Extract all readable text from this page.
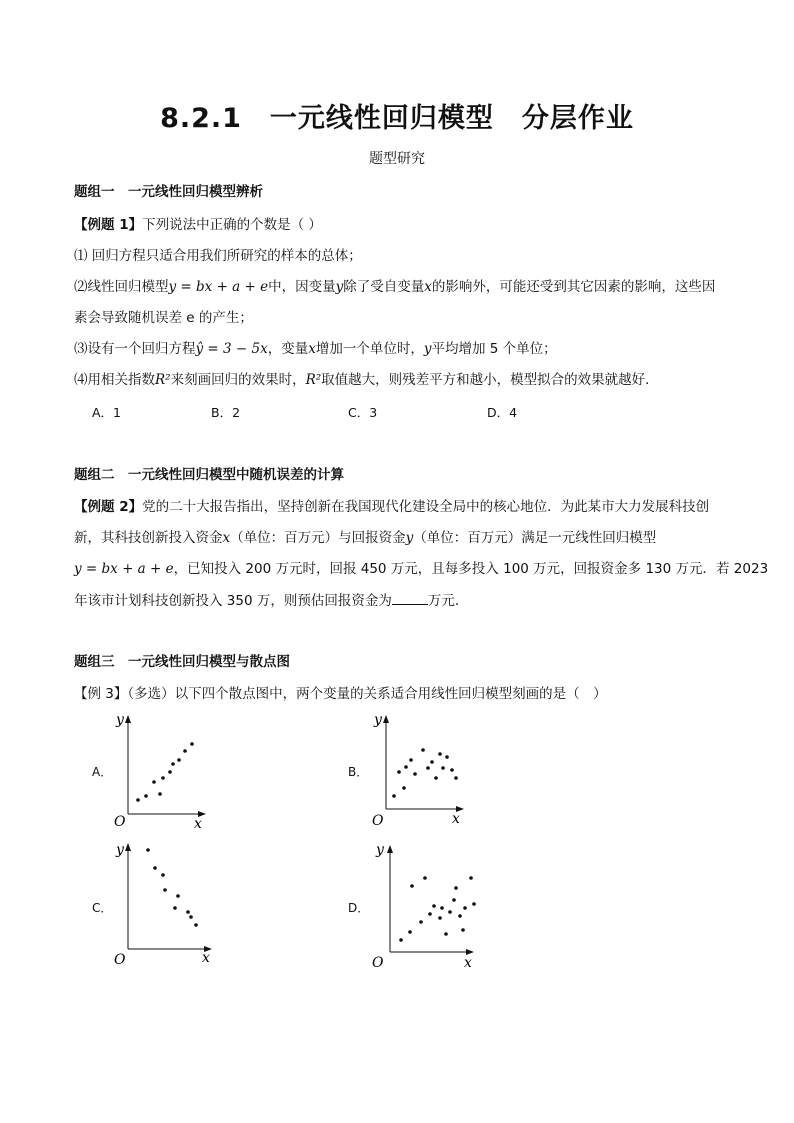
8.2.1　一元线性回归模型　分层作业
题型研究
题组一　一元线性回归模型辨析
【例题 1】下列说法中正确的个数是（ ）
⑴ 回归方程只适合用我们所研究的样本的总体；
⑵线性回归模型y = bx + a + e中，因变量y除了受自变量x的影响外，可能还受到其它因素的影响，这些因
素会导致随机误差 e 的产生；
⑶设有一个回归方程ŷ = 3 − 5x，变量x增加一个单位时，y平均增加 5 个单位；
⑷用相关指数R²来刻画回归的效果时，R²取值越大，则残差平方和越小，模型拟合的效果就越好．
A．1	B．2	C．3	D．4
题组二　一元线性回归模型中随机误差的计算
【例题 2】党的二十大报告指出，坚持创新在我国现代化建设全局中的核心地位．为此某市大力发展科技创
新，其科技创新投入资金x（单位：百万元）与回报资金y（单位：百万元）满足一元线性回归模型
y = bx + a + e，已知投入 200 万元时，回报 450 万元，且每多投入 100 万元，回报资金多 130 万元．若 2023
年该市计划科技创新投入 350 万，则预估回报资金为	万元．
题组三　一元线性回归模型与散点图
【例 3】（多选）以下四个散点图中，两个变量的关系适合用线性回归模型刻画的是（　）
A．
y
x
O
B．
y
x
O
C．
y
x
O
D．
y
x
O
